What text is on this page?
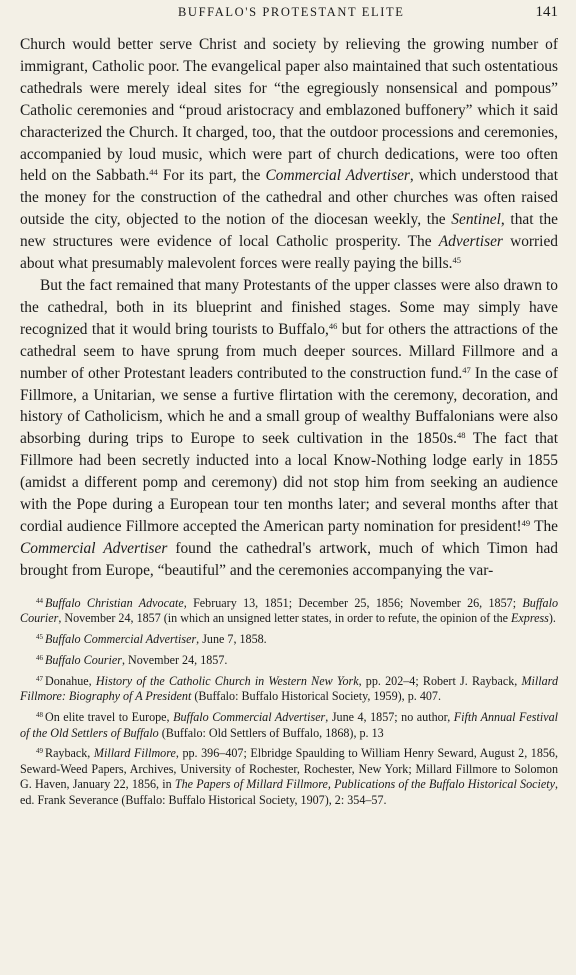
BUFFALO'S PROTESTANT ELITE	141

Church would better serve Christ and society by relieving the growing number of immigrant, Catholic poor. The evangelical paper also maintained that such ostentatious cathedrals were merely ideal sites for “the egregiously nonsensical and pompous” Catholic ceremonies and “proud aristocracy and emblazoned buffonery” which it said characterized the Church. It charged, too, that the outdoor processions and ceremonies, accompanied by loud music, which were part of church dedications, were too often held on the Sabbath.$^{44}$ For its part, the Commercial Advertiser, which understood that the money for the construction of the cathedral and other churches was often raised outside the city, objected to the notion of the diocesan weekly, the Sentinel, that the new structures were evidence of local Catholic prosperity. The Advertiser worried about what presumably malevolent forces were really paying the bills.$^{45}$

But the fact remained that many Protestants of the upper classes were also drawn to the cathedral, both in its blueprint and finished stages. Some may simply have recognized that it would bring tourists to Buffalo,$^{46}$ but for others the attractions of the cathedral seem to have sprung from much deeper sources. Millard Fillmore and a number of other Protestant leaders contributed to the construction fund.$^{47}$ In the case of Fillmore, a Unitarian, we sense a furtive flirtation with the ceremony, decoration, and history of Catholicism, which he and a small group of wealthy Buffalonians were also absorbing during trips to Europe to seek cultivation in the 1850s.$^{48}$ The fact that Fillmore had been secretly inducted into a local Know-Nothing lodge early in 1855 (amidst a different pomp and ceremony) did not stop him from seeking an audience with the Pope during a European tour ten months later; and several months after that cordial audience Fillmore accepted the American party nomination for president!$^{49}$ The Commercial Advertiser found the cathedral's artwork, much of which Timon had brought from Europe, “beautiful” and the ceremonies accompanying the var-

$^{44}$ Buffalo Christian Advocate, February 13, 1851; December 25, 1856; November 26, 1857; Buffalo Courier, November 24, 1857 (in which an unsigned letter states, in order to refute, the opinion of the Express).

$^{45}$ Buffalo Commercial Advertiser, June 7, 1858.

$^{46}$ Buffalo Courier, November 24, 1857.

$^{47}$ Donahue, History of the Catholic Church in Western New York, pp. 202–4; Robert J. Rayback, Millard Fillmore: Biography of A President (Buffalo: Buffalo Historical Society, 1959), p. 407.

$^{48}$ On elite travel to Europe, Buffalo Commercial Advertiser, June 4, 1857; no author, Fifth Annual Festival of the Old Settlers of Buffalo (Buffalo: Old Settlers of Buffalo, 1868), p. 13

$^{49}$ Rayback, Millard Fillmore, pp. 396–407; Elbridge Spaulding to William Henry Seward, August 2, 1856, Seward-Weed Papers, Archives, University of Rochester, Rochester, New York; Millard Fillmore to Solomon G. Haven, January 22, 1856, in The Papers of Millard Fillmore, Publications of the Buffalo Historical Society, ed. Frank Severance (Buffalo: Buffalo Historical Society, 1907), 2: 354–57.
